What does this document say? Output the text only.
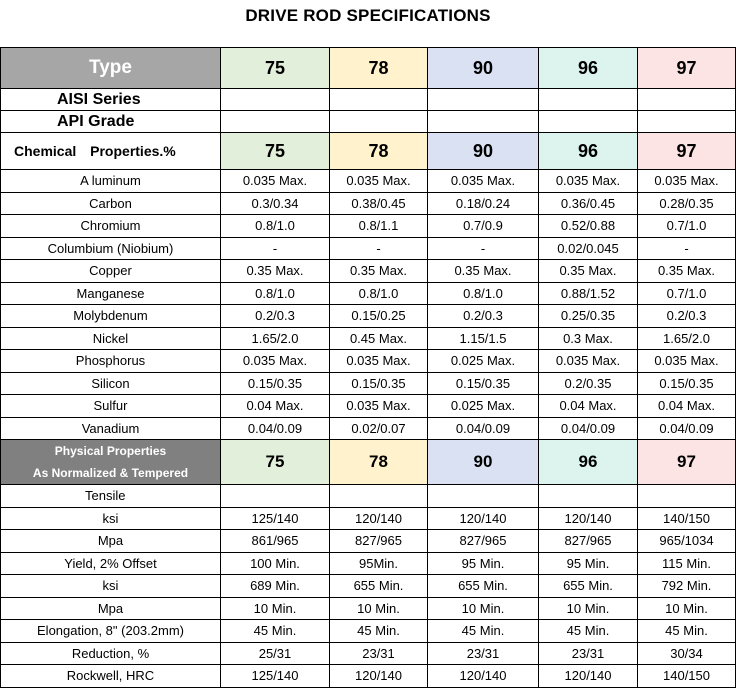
DRIVE ROD SPECIFICATIONS
Type	75	78	90	96	97
AISI Series					
API Grade					
Chemical Properties.%	75	78	90	96	97
A luminum	0.035 Max.	0.035 Max.	0.035 Max.	0.035 Max.	0.035 Max.
Carbon	0.3/0.34	0.38/0.45	0.18/0.24	0.36/0.45	0.28/0.35
Chromium	0.8/1.0	0.8/1.1	0.7/0.9	0.52/0.88	0.7/1.0
Columbium (Niobium)	-	-	-	0.02/0.045	-
Copper	0.35 Max.	0.35 Max.	0.35 Max.	0.35 Max.	0.35 Max.
Manganese	0.8/1.0	0.8/1.0	0.8/1.0	0.88/1.52	0.7/1.0
Molybdenum	0.2/0.3	0.15/0.25	0.2/0.3	0.25/0.35	0.2/0.3
Nickel	1.65/2.0	0.45 Max.	1.15/1.5	0.3 Max.	1.65/2.0
Phosphorus	0.035 Max.	0.035 Max.	0.025 Max.	0.035 Max.	0.035 Max.
Silicon	0.15/0.35	0.15/0.35	0.15/0.35	0.2/0.35	0.15/0.35
Sulfur	0.04 Max.	0.035 Max.	0.025 Max.	0.04 Max.	0.04 Max.
Vanadium	0.04/0.09	0.02/0.07	0.04/0.09	0.04/0.09	0.04/0.09

Physical Properties
As Normalized & Tempered	75	78	90	96	97
Tensile					
ksi	125/140	120/140	120/140	120/140	140/150
Mpa	861/965	827/965	827/965	827/965	965/1034
Yield, 2% Offset	100 Min.	95Min.	95 Min.	95 Min.	115 Min.
ksi	689 Min.	655 Min.	655 Min.	655 Min.	792 Min.
Mpa	10 Min.	10 Min.	10 Min.	10 Min.	10 Min.
Elongation, 8" (203.2mm)	45 Min.	45 Min.	45 Min.	45 Min.	45 Min.
Reduction, %	25/31	23/31	23/31	23/31	30/34
Rockwell, HRC	125/140	120/140	120/140	120/140	140/150
